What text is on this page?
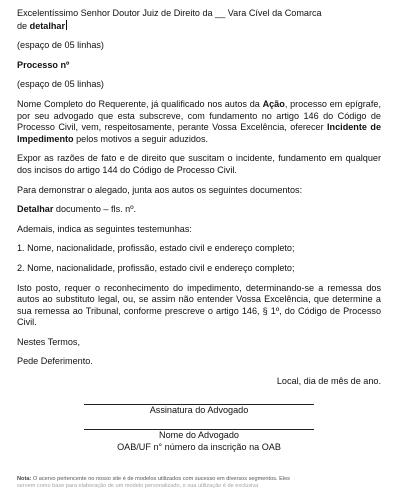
Excelentíssimo Senhor Doutor Juiz de Direito da __ Vara Cível da Comarca
de detalhar

(espaço de 05 linhas)

Processo nº

(espaço de 05 linhas)

Nome Completo do Requerente, já qualificado nos autos da Ação, processo em epígrafe, por seu advogado que esta subscreve, com fundamento no artigo 146 do Código de Processo Civil, vem, respeitosamente, perante Vossa Excelência, oferecer Incidente de Impedimento pelos motivos a seguir aduzidos.

Expor as razões de fato e de direito que suscitam o incidente, fundamento em qualquer dos incisos do artigo 144 do Código de Processo Civil.

Para demonstrar o alegado, junta aos autos os seguintes documentos:

Detalhar documento – fls. nº.

Ademais, indica as seguintes testemunhas:

1. Nome, nacionalidade, profissão, estado civil e endereço completo;

2. Nome, nacionalidade, profissão, estado civil e endereço completo;

Isto posto, requer o reconhecimento do impedimento, determinando-se a remessa dos autos ao substituto legal, ou, se assim não entender Vossa Excelência, que determine a sua remessa ao Tribunal, conforme prescreve o artigo 146, § 1º, do Código de Processo Civil.

Nestes Termos,

Pede Deferimento.

Local, dia de mês de ano.

Assinatura do Advogado

Nome do Advogado

OAB/UF n° número da inscrição na OAB

Nota: O acervo pertencente no nosso site é de modelos utilizados com sucesso em diversos segmentos. Eles
servem como base para elaboração de um modelo personalizado, e sua utilização é de exclusiva
